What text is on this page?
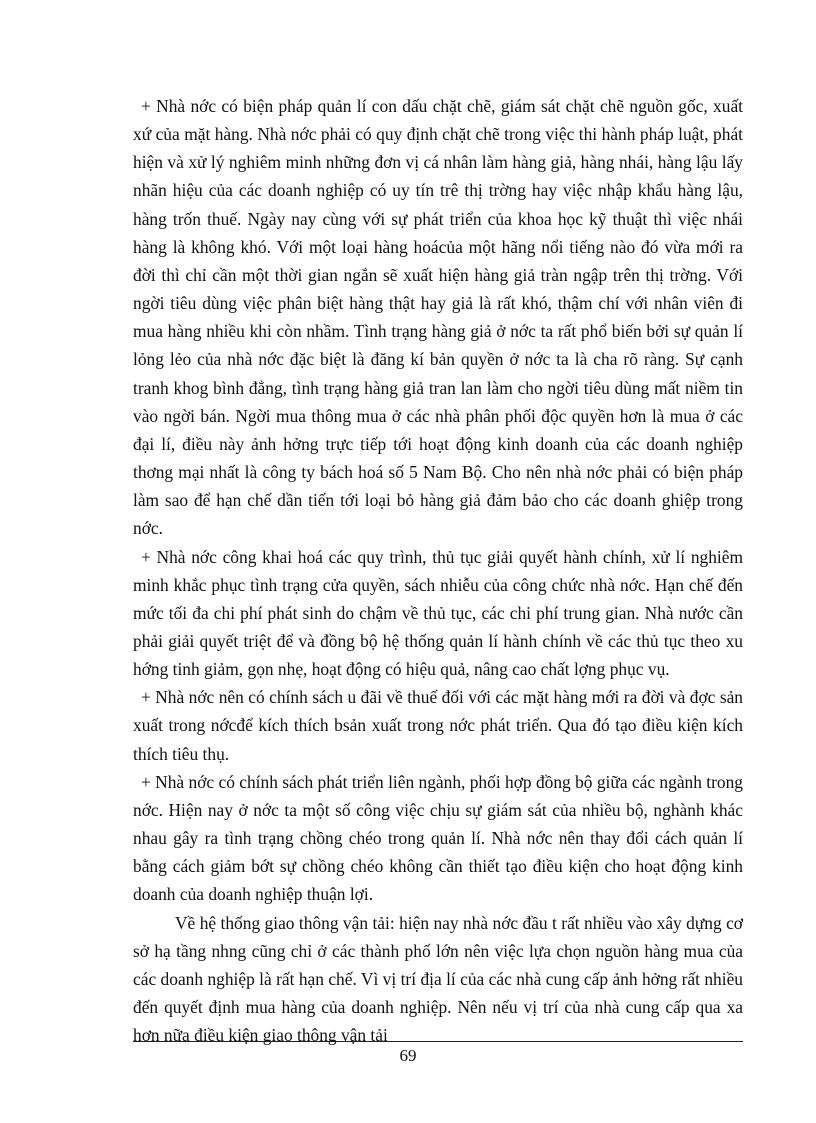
+ Nhà nớc có biện pháp quản lí con dấu chặt chẽ, giám sát chặt chẽ nguồn gốc, xuất xứ của mặt hàng. Nhà nớc phải có quy định chặt chẽ trong việc thi hành pháp luật, phát hiện và xử lý nghiêm minh những đơn vị cá nhân làm hàng giả, hàng nhái, hàng lậu lấy nhãn hiệu của các doanh nghiệp có uy tín trê thị trờng hay việc nhập khẩu hàng lậu, hàng trốn thuế. Ngày nay cùng với sự phát triển của khoa học kỹ thuật thì việc nhái hàng là không khó. Với một loại hàng hoácủa một hãng nổi tiếng nào đó vừa mới ra đời thì chỉ cần một thời gian ngắn sẽ xuất hiện hàng giả tràn ngập trên thị trờng. Với ngời tiêu dùng việc phân biệt hàng thật hay giả là rất khó, thậm chí với nhân viên đi mua hàng nhiều khi còn nhầm. Tình trạng hàng giả ở nớc ta rất phổ biến bởi sự quản lí lỏng lẻo của nhà nớc đặc biệt là đăng kí bản quyền ở nớc ta là cha rõ ràng. Sự cạnh tranh khog bình đẳng, tình trạng hàng giả tran lan làm cho ngời tiêu dùng mất niềm tin vào ngời bán. Ngời mua thông mua ở các nhà phân phối độc quyền hơn là mua ở các đại lí, điều này ảnh hởng trực tiếp tới hoạt động kinh doanh của các doanh nghiệp thơng mại nhất là công ty bách hoá số 5 Nam Bộ. Cho nên nhà nớc phải có biện pháp làm sao để hạn chế dần tiến tới loại bỏ hàng giả đảm bảo cho các doanh ghiệp trong nớc.

+ Nhà nớc công khai hoá các quy trình, thủ tục giải quyết hành chính, xử lí nghiêm minh khắc phục tình trạng cửa quyền, sách nhiễu của công chức nhà nớc. Hạn chế đến mức tối đa chi phí phát sinh do chậm về thủ tục, các chi phí trung gian. Nhà nước cần phải giải quyết triệt để và đồng bộ hệ thống quản lí hành chính về các thủ tục theo xu hớng tinh giảm, gọn nhẹ, hoạt động có hiệu quả, nâng cao chất lợng phục vụ.

+ Nhà nớc nên có chính sách u đãi về thuế đối với các mặt hàng mới ra đời và đợc sản xuất trong nớcđể kích thích bsản xuất trong nớc phát triển. Qua đó tạo điều kiện kích thích tiêu thụ.

+ Nhà nớc có chính sách phát triển liên ngành, phối hợp đồng bộ giữa các ngành trong nớc. Hiện nay ở nớc ta một số công việc chịu sự giám sát của nhiều bộ, nghành khác nhau gây ra tình trạng chồng chéo trong quản lí. Nhà nớc nên thay đổi cách quản lí bằng cách giảm bớt sự chồng chéo không cần thiết tạo điều kiện cho hoạt động kinh doanh của doanh nghiệp thuận lợi.

Về hệ thống giao thông vận tải: hiện nay nhà nớc đầu t rất nhiều vào xây dựng cơ sở hạ tầng nhng cũng chỉ ở các thành phố lớn nên việc lựa chọn nguồn hàng mua của các doanh nghiệp là rất hạn chế. Vì vị trí địa lí của các nhà cung cấp ảnh hởng rất nhiều đến quyết định mua hàng của doanh nghiệp. Nên nếu vị trí của nhà cung cấp qua xa hơn nữa điều kiện giao thông vận tải

69
